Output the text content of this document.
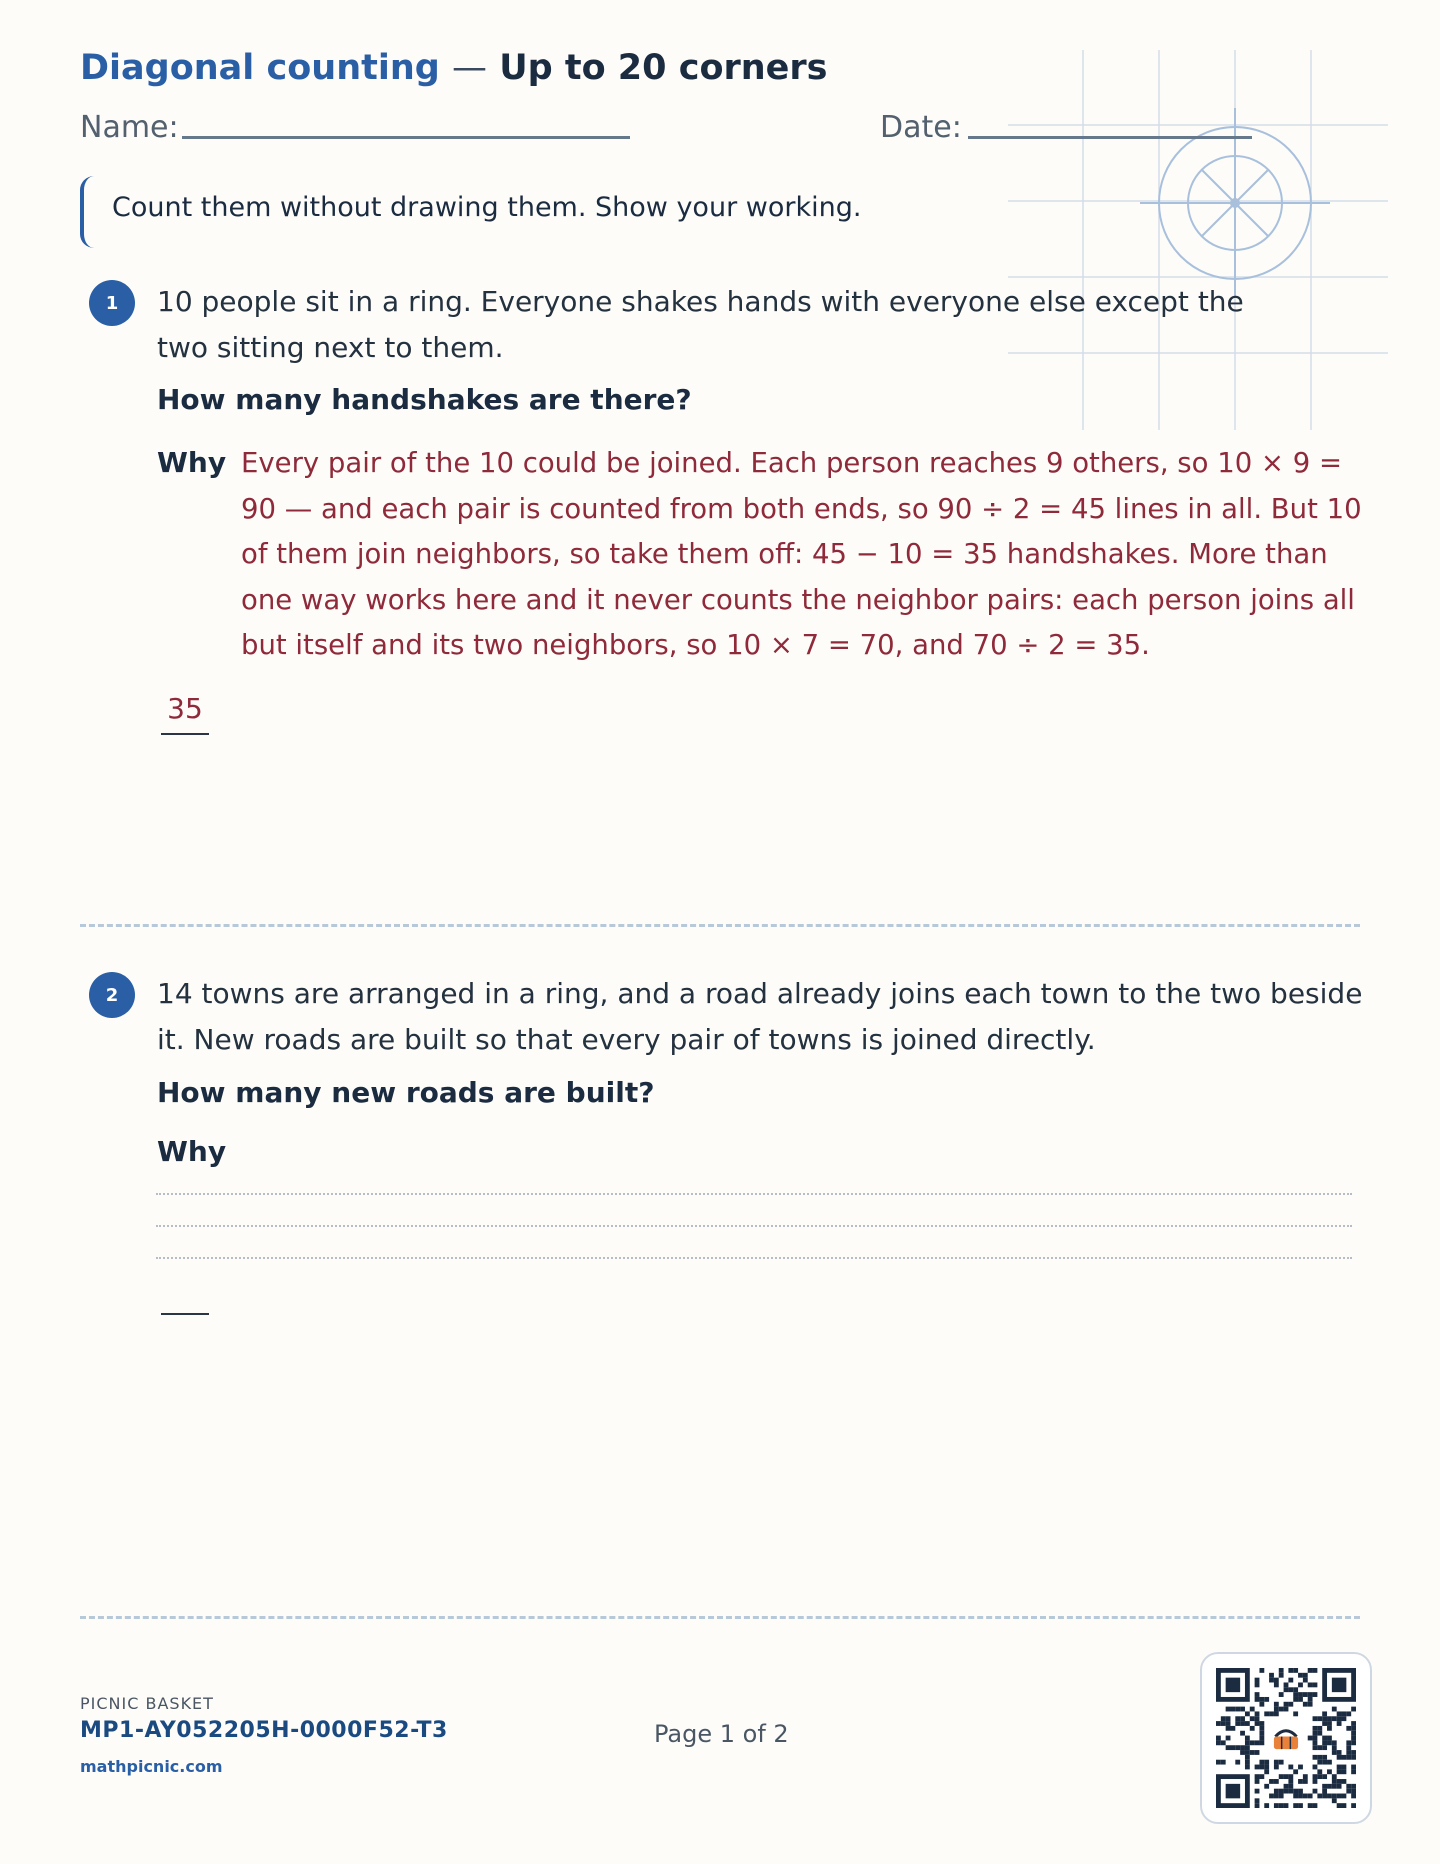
Diagonal counting — Up to 20 corners
Name:	Date:
Count them without drawing them. Show your working.
1	10 people sit in a ring. Everyone shakes hands with everyone else except the two sitting next to them.
How many handshakes are there?
Why Every pair of the 10 could be joined. Each person reaches 9 others, so 10 × 9 = 90 — and each pair is counted from both ends, so 90 ÷ 2 = 45 lines in all. But 10 of them join neighbors, so take them off: 45 − 10 = 35 handshakes. More than one way works here and it never counts the neighbor pairs: each person joins all but itself and its two neighbors, so 10 × 7 = 70, and 70 ÷ 2 = 35.
35
2	14 towns are arranged in a ring, and a road already joins each town to the two beside it. New roads are built so that every pair of towns is joined directly.
How many new roads are built?
Why
PICNIC BASKET
MP1-AY052205H-0000F52-T3
mathpicnic.com
Page 1 of 2
